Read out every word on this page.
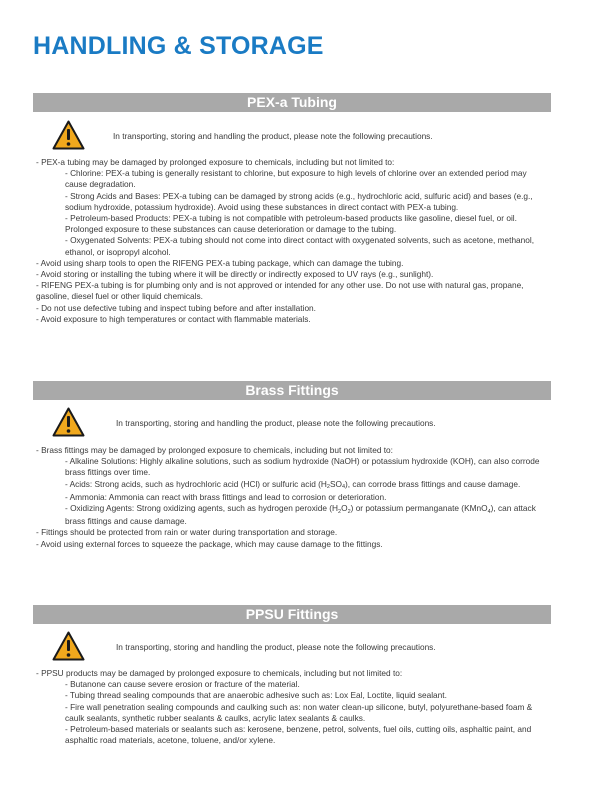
HANDLING & STORAGE
PEX-a Tubing
In transporting, storing and handling the product, please note the following precautions.

- PEX-a tubing may be damaged by prolonged exposure to chemicals, including but not limited to:

- Chlorine: PEX-a tubing is generally resistant to chlorine, but exposure to high levels of chlorine over an extended period may cause degradation.

- Strong Acids and Bases: PEX-a tubing can be damaged by strong acids (e.g., hydrochloric acid, sulfuric acid) and bases (e.g., sodium hydroxide, potassium hydroxide). Avoid using these substances in direct contact with PEX-a tubing.

- Petroleum-based Products: PEX-a tubing is not compatible with petroleum-based products like gasoline, diesel fuel, or oil. Prolonged exposure to these substances can cause deterioration or damage to the tubing.

- Oxygenated Solvents: PEX-a tubing should not come into direct contact with oxygenated solvents, such as acetone, methanol, ethanol, or isopropyl alcohol.

- Avoid using sharp tools to open the RIFENG PEX-a tubing package, which can damage the tubing.

- Avoid storing or installing the tubing where it will be directly or indirectly exposed to UV rays (e.g., sunlight).

- RIFENG PEX-a tubing is for plumbing only and is not approved or intended for any other use. Do not use with natural gas, propane, gasoline, diesel fuel or other liquid chemicals.

- Do not use defective tubing and inspect tubing before and after installation.

- Avoid exposure to high temperatures or contact with flammable materials.

Brass Fittings
In transporting, storing and handling the product, please note the following precautions.

- Brass fittings may be damaged by prolonged exposure to chemicals, including but not limited to:

- Alkaline Solutions: Highly alkaline solutions, such as sodium hydroxide (NaOH) or potassium hydroxide (KOH), can also corrode brass fittings over time.

- Acids: Strong acids, such as hydrochloric acid (HCl) or sulfuric acid $(H_2SO_4)$, can corrode brass fittings and cause damage.

- Ammonia: Ammonia can react with brass fittings and lead to corrosion or deterioration.

- Oxidizing Agents: Strong oxidizing agents, such as hydrogen peroxide $(H_2O_2)$ or potassium permanganate (KMnO$_4$), can attack brass fittings and cause damage.

- Fittings should be protected from rain or water during transportation and storage.

- Avoid using external forces to squeeze the package, which may cause damage to the fittings.

PPSU Fittings
In transporting, storing and handling the product, please note the following precautions.

- PPSU products may be damaged by prolonged exposure to chemicals, including but not limited to:

- Butanone can cause severe erosion or fracture of the material.

- Tubing thread sealing compounds that are anaerobic adhesive such as: Lox Eal, Loctite, liquid sealant.

- Fire wall penetration sealing compounds and caulking such as: non water clean-up silicone, butyl, polyurethane-based foam & caulk sealants, synthetic rubber sealants & caulks, acrylic latex sealants & caulks.

- Petroleum-based materials or sealants such as: kerosene, benzene, petrol, solvents, fuel oils, cutting oils, asphaltic paint, and asphaltic road materials, acetone, toluene, and/or xylene.
